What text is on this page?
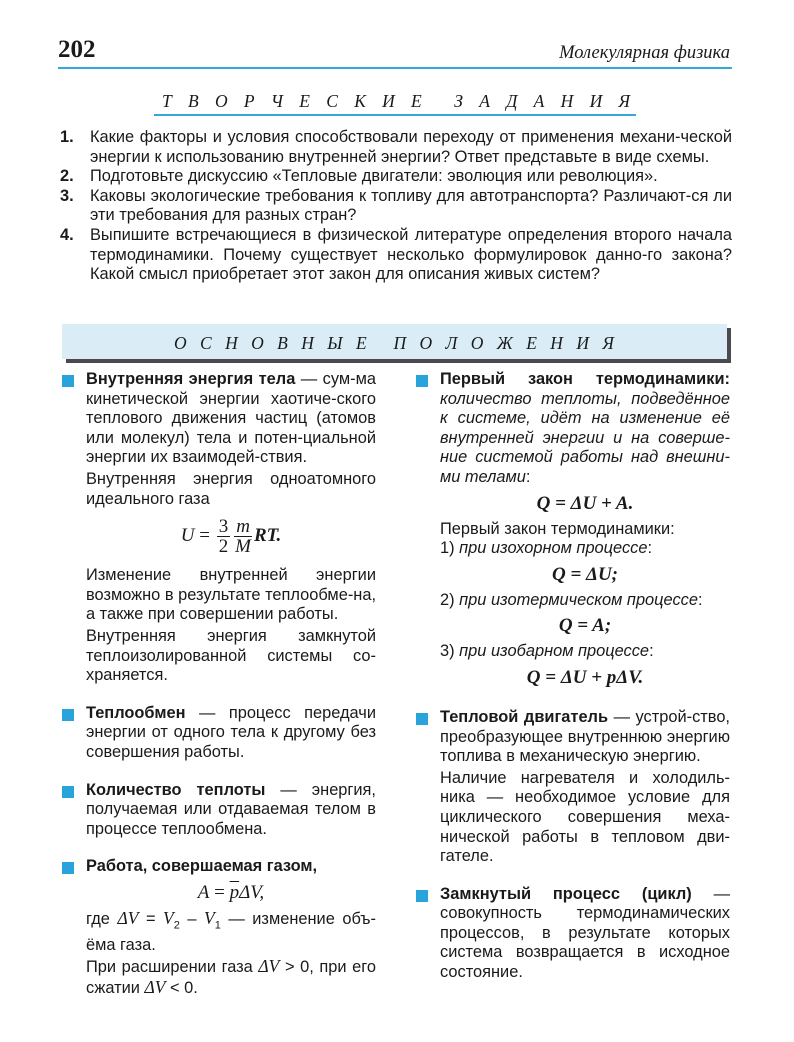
202	Молекулярная физика
Т В О Р Ч Е С К И Е З А Д А Н И Я
1. Какие факторы и условия способствовали переходу от применения механи-ческой энергии к использованию внутренней энергии? Ответ представьте в виде схемы.
2. Подготовьте дискуссию «Тепловые двигатели: эволюция или революция».
3. Каковы экологические требования к топливу для автотранспорта? Различают-ся ли эти требования для разных стран?
4. Выпишите встречающиеся в физической литературе определения второго начала термодинамики. Почему существует несколько формулировок данно-го закона? Какой смысл приобретает этот закон для описания живых систем?
О С Н О В Н Ы Е П О Л О Ж Е Н И Я

Внутренняя энергия тела — сум-ма кинетической энергии хаотиче-ского теплового движения частиц (атомов или молекул) тела и потен-циальной энергии их взаимодей-ствия.

Внутренняя энергия одноатомного идеального газа

$U = \frac{3}{2} \frac{m}{M}$ RT.

Изменение внутренней энергии возможно в результате теплообме-на, а также при совершении работы.

Внутренняя энергия замкнутой теплоизолированной системы со-храняется.

Теплообмен — процесс передачи энергии от одного тела к другому без совершения работы.

Количество теплоты — энергия, получаемая или отдаваемая телом в процессе теплообмена.

Работа, совершаемая газом,

$A = \overline{p}\Delta V$,

где $\Delta V = V_2 - V_1$ — изменение объ-ёма газа.

При расширении газа ΔV > 0, при его сжатии ΔV < 0.

Первый закон термодинамики: количество теплоты, подведённое к системе, идёт на изменение её внутренней энергии и на соверше-ние системой работы над внешни-ми телами:

Q = ΔU + A.

Первый закон термодинамики:

1) при изохорном процессе:

Q = ΔU;

2) при изотермическом процессе:

Q = A;

3) при изобарном процессе:

Q = ΔU + pΔV.

Тепловой двигатель — устрой-ство, преобразующее внутреннюю энергию топлива в механическую энергию.

Наличие нагревателя и холодиль-ника — необходимое условие для циклического совершения меха-нической работы в тепловом дви-гателе.

Замкнутый процесс (цикл) — совокупность термодинамических процессов, в результате которых система возвращается в исходное состояние.
